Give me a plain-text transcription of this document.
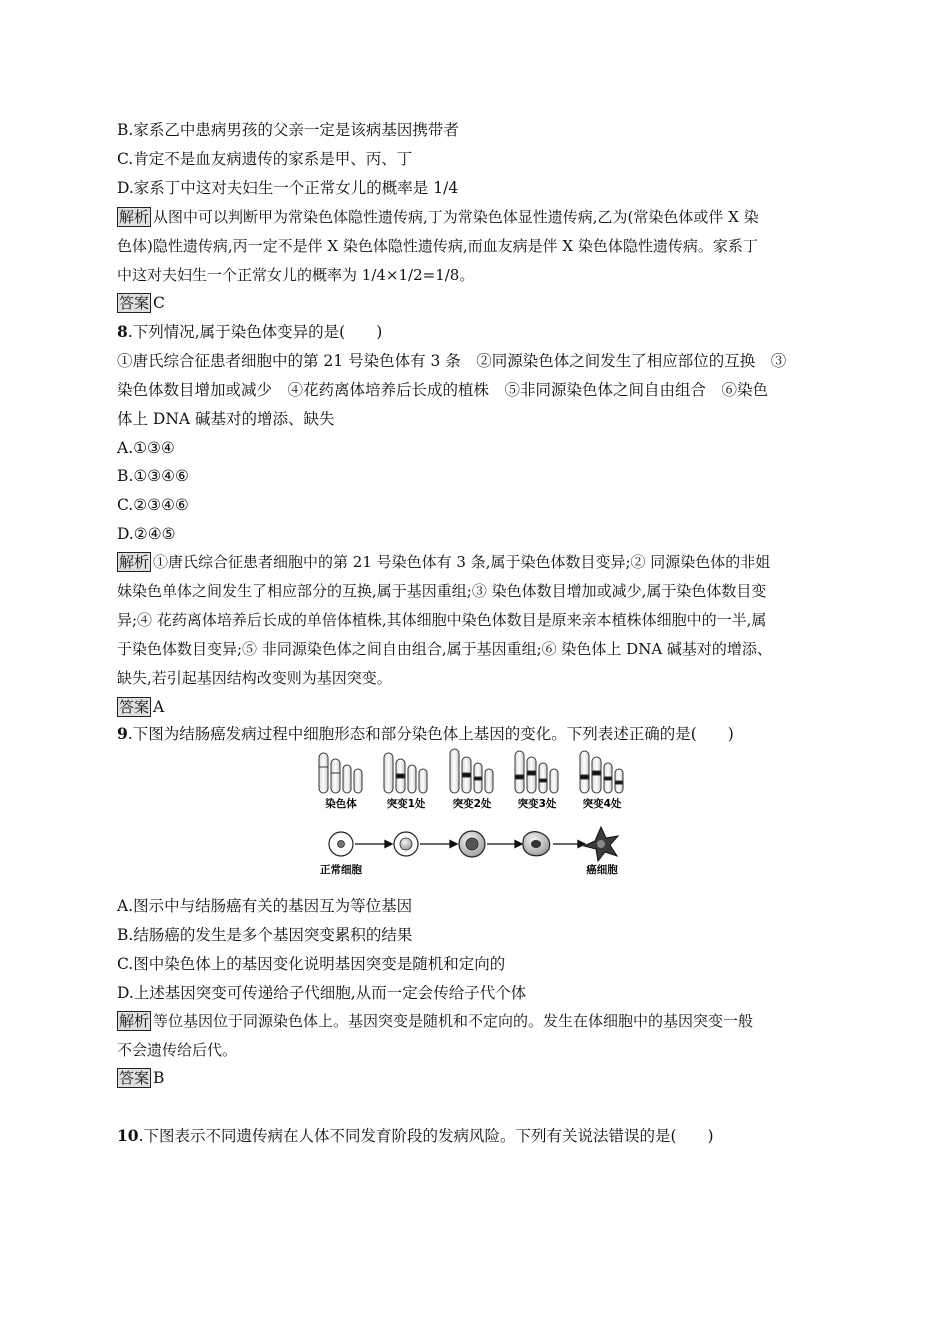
B.家系乙中患病男孩的父亲一定是该病基因携带者
C.肯定不是血友病遗传的家系是甲、丙、丁
D.家系丁中这对夫妇生一个正常女儿的概率是 1/4
解析 从图中可以判断甲为常染色体隐性遗传病,丁为常染色体显性遗传病,乙为(常染色体或伴 X 染
色体)隐性遗传病,丙一定不是伴 X 染色体隐性遗传病,而血友病是伴 X 染色体隐性遗传病。家系丁
中这对夫妇生一个正常女儿的概率为 1/4×1/2=1/8。
答案 C
8.下列情况,属于染色体变异的是(　　)
①唐氏综合征患者细胞中的第 21 号染色体有 3 条　②同源染色体之间发生了相应部位的互换　③
染色体数目增加或减少　④花药离体培养后长成的植株　⑤非同源染色体之间自由组合　⑥染色
体上 DNA 碱基对的增添、缺失
A.①③④
B.①③④⑥
C.②③④⑥
D.②④⑤
解析 ①唐氏综合征患者细胞中的第 21 号染色体有 3 条,属于染色体数目变异;② 同源染色体的非姐
妹染色单体之间发生了相应部分的互换,属于基因重组;③ 染色体数目增加或减少,属于染色体数目变
异;④ 花药离体培养后长成的单倍体植株,其体细胞中染色体数目是原来亲本植株体细胞中的一半,属
于染色体数目变异;⑤ 非同源染色体之间自由组合,属于基因重组;⑥ 染色体上 DNA 碱基对的增添、
缺失,若引起基因结构改变则为基因突变。
答案 A
9.下图为结肠癌发病过程中细胞形态和部分染色体上基因的变化。下列表述正确的是(　　)
染色体	突变1处	突变2处 突变3处 突变4处
正常细胞	癌细胞
A.图示中与结肠癌有关的基因互为等位基因
B.结肠癌的发生是多个基因突变累积的结果
C.图中染色体上的基因变化说明基因突变是随机和定向的
D.上述基因突变可传递给子代细胞,从而一定会传给子代个体
解析 等位基因位于同源染色体上。基因突变是随机和不定向的。发生在体细胞中的基因突变一般
不会遗传给后代。
答案 B
10.下图表示不同遗传病在人体不同发育阶段的发病风险。下列有关说法错误的是(　　)
